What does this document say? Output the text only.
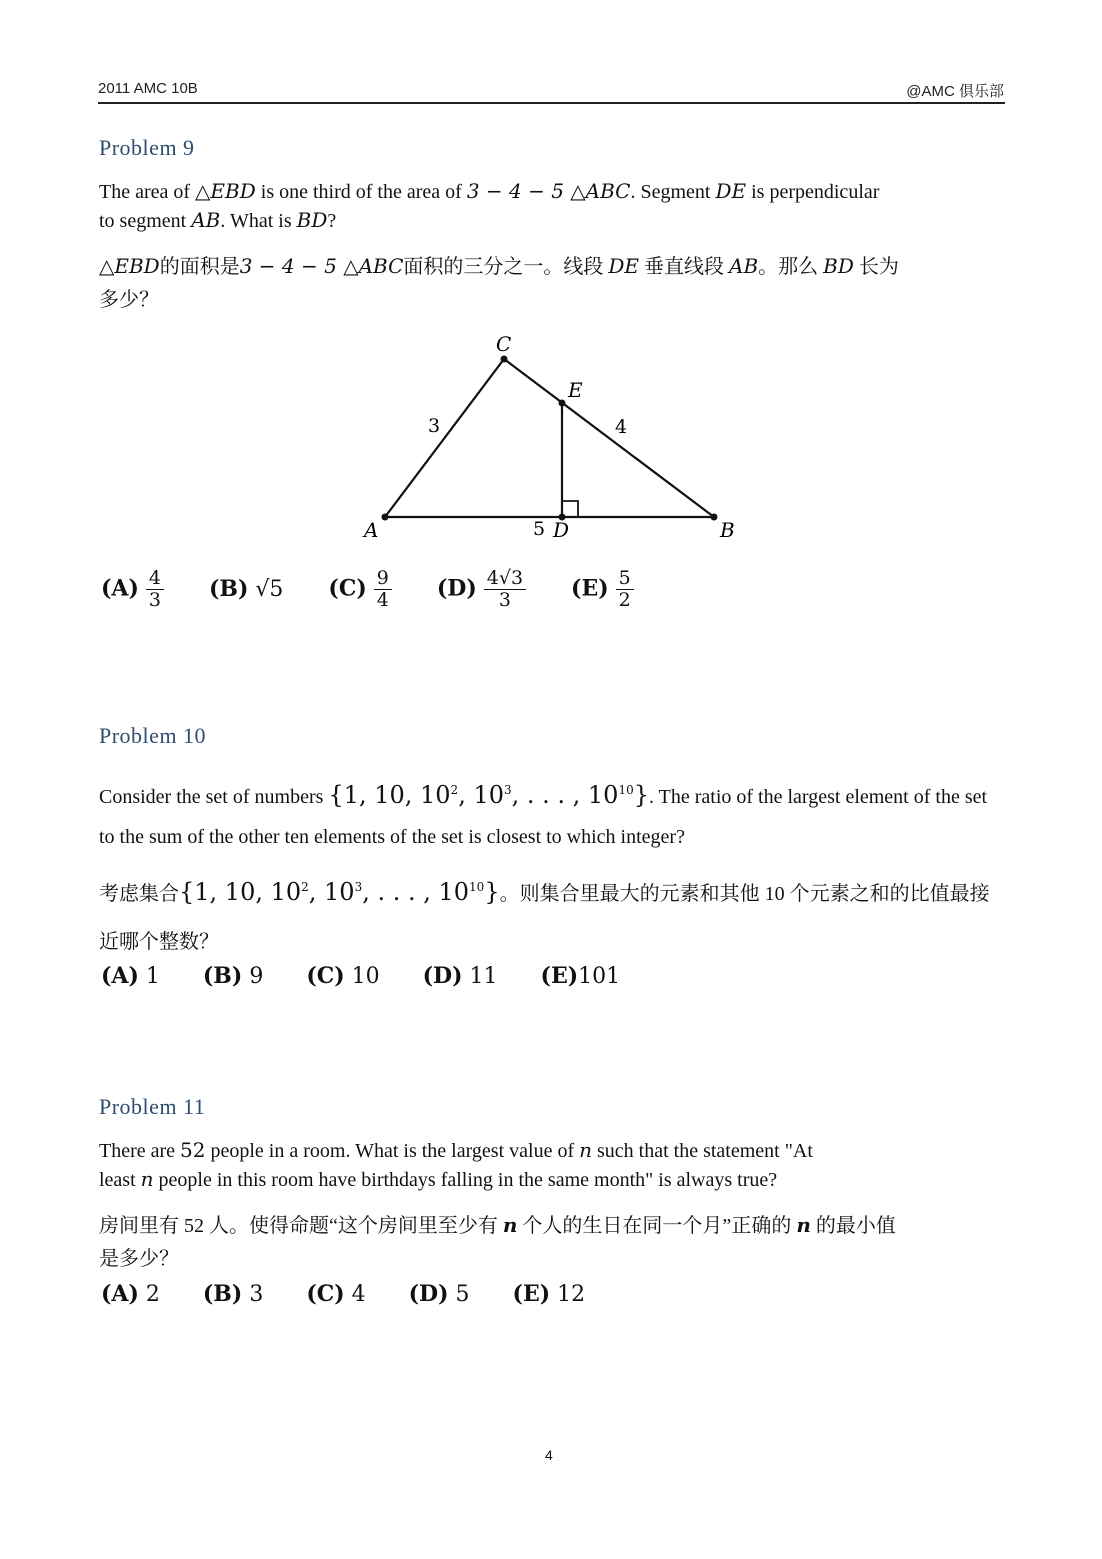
2011 AMC 10B	@AMC 俱乐部
Problem 9
The area of △EBD is one third of the area of 3 − 4 − 5 △ABC. Segment DE is perpendicular
to segment AB. What is BD?
△EBD的面积是3 − 4 − 5 △ABC面积的三分之一。线段 DE 垂直线段 AB。那么 BD 长为
多少？
C
E
A	D	B
3	4
5
$(A) \frac{4}{3} (B)$ √5 $(C) \frac{9}{4} (D) \frac{4√3}{3} (E) \frac{5}{2}$
Problem 10
Consider the set of numbers {1, 10, $10^2$, $10^3$, . . . , $10^{10}$}. The ratio of the largest element of the set
to the sum of the other ten elements of the set is closest to which integer?
考虑集合{1, 10, $10^2$, $10^3$, . . . , $10^{10}$}。则集合里最大的元素和其他 10 个元素之和的比值最接
近哪个整数？
(A) 1 (B) 9 (C) 10 (D) 11 (E)101
Problem 11
There are 52 people in a room. What is the largest value of n such that the statement "At
least n people in this room have birthdays falling in the same month" is always true?
房间里有 52 人。使得命题“这个房间里至少有 n 个人的生日在同一个月”正确的 n 的最小值
是多少？
(A) 2 (B) 3 (C) 4 (D) 5 (E) 12
4
